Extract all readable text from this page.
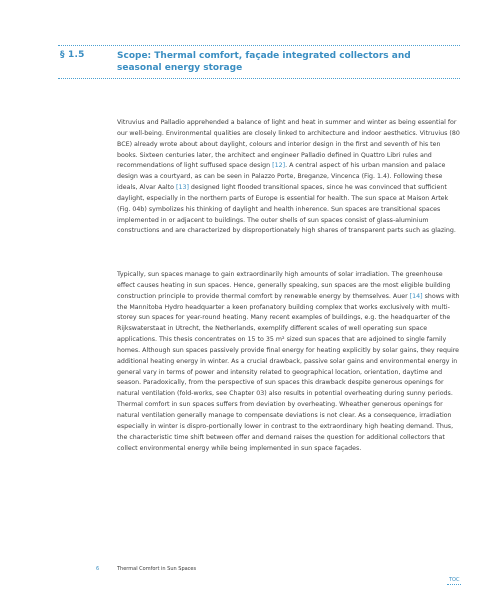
§ 1.5	Scope: Thermal comfort, façade integrated collectors and seasonal energy storage
Vitruvius and Palladio apprehended a balance of light and heat in summer and winter as being essential for our well-being. Environmental qualities are closely linked to architecture and indoor aesthetics. Vitruvius (80 BCE) already wrote about about daylight, colours and interior design in the first and seventh of his ten books. Sixteen centuries later, the architect and engineer Palladio defined in Quattro Libri rules and recommendations of light suffused space design [12]. A central aspect of his urban mansion and palace design was a courtyard, as can be seen in Palazzo Porte, Breganze, Vincenca (Fig. 1.4). Following these ideals, Alvar Aalto [13] designed light flooded transitional spaces, since he was convinced that sufficient daylight, especially in the northern parts of Europe is essential for health. The sun space at Maison Artek (Fig. 04b) symbolizes his thinking of daylight and health inherence. Sun spaces are transitional spaces implemented in or adjacent to buildings. The outer shells of sun spaces consist of glass-aluminium constructions and are characterized by disproportionately high shares of transparent parts such as glazing.
Typically, sun spaces manage to gain extraordinarily high amounts of solar irradiation. The greenhouse effect causes heating in sun spaces. Hence, generally speaking, sun spaces are the most eligible building construction principle to provide thermal comfort by renewable energy by themselves. Auer [14] shows with the Mannitoba Hydro headquarter a keen profanatory building complex that works exclusively with multi-storey sun spaces for year-round heating. Many recent examples of buildings, e.g. the headquarter of the Rijkswaterstaat in Utrecht, the Netherlands, exemplify different scales of well operating sun space applications. This thesis concentrates on 15 to 35 m² sized sun spaces that are adjoined to single family homes. Although sun spaces passively provide final energy for heating explicitly by solar gains, they require additional heating energy in winter. As a crucial drawback, passive solar gains and environmental energy in general vary in terms of power and intensity related to geographical location, orientation, daytime and season. Paradoxically, from the perspective of sun spaces this drawback despite generous openings for natural ventilation (fold-works, see Chapter 03) also results in potential overheating during sunny periods. Thermal comfort in sun spaces suffers from deviation by overheating. Wheather generous openings for natural ventilation generally manage to compensate deviations is not clear. As a consequence, irradiation especially in winter is dispro-portionally lower in contrast to the extraordinary high heating demand. Thus, the characteristic time shift between offer and demand raises the question for additional collectors that collect environmental energy while being implemented in sun space façades.
6	Thermal Comfort in Sun Spaces
TOC
